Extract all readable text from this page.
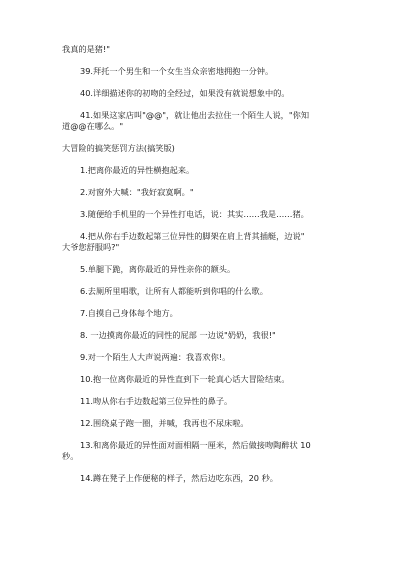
我真的是猪!"
39.拜托一个男生和一个女生当众亲密地拥抱一分钟。
40.详细描述你的初吻的全经过，如果没有就说想象中的。
41.如果这家店叫"@@"，就让他出去拉住一个陌生人说，"你知
道@@在哪么。"
大冒险的搞笑惩罚方法(搞笑版)
1.把离你最近的异性横抱起来。
2.对窗外大喊："我好寂寞啊。"
3.随便给手机里的一个异性打电话，说：其实……我是……猪。
4.把从你右手边数起第三位异性的脚架在肩上背其插艇，边说"
大爷您舒服吗?"
5.单腿下跪，离你最近的异性亲你的额头。
6.去厕所里唱歌，让所有人都能听到你唱的什么歌。
7.自摸自己身体每个地方。
8. 一边摸离你最近的同性的屁部 一边说"奶奶，我很!"
9.对一个陌生人大声说两遍：我喜欢你!。
10.抱一位离你最近的异性直到下一轮真心话大冒险结束。
11.吻从你右手边数起第三位异性的鼻子。
12.围绕桌子跑一圈，并喊，我再也不尿床啦。
13.和离你最近的异性面对面相隔一厘米，然后做接吻陶醉状 10
秒。
14.蹲在凳子上作便秘的样子，然后边吃东西，20 秒。
